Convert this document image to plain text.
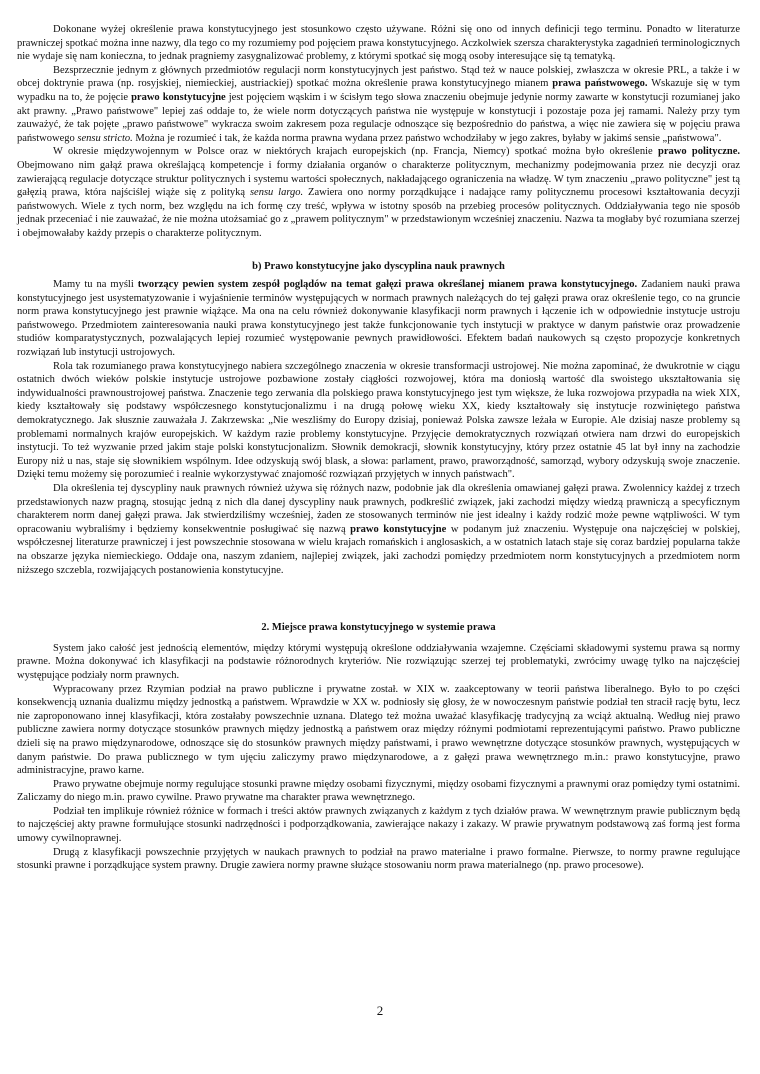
Dokonane wyżej określenie prawa konstytucyjnego jest stosunkowo często używane. Różni się ono od innych definicji tego terminu. Ponadto w literaturze prawniczej spotkać można inne nazwy, dla tego co my rozumiemy pod pojęciem prawa konstytucyjnego. Aczkolwiek szersza charakterystyka zagadnień terminologicznych nie wydaje się nam konieczna, to jednak pragniemy zasygnalizować problemy, z którymi spotkać się mogą osoby interesujące się tą tematyką.

Bezsprzecznie jednym z głównych przedmiotów regulacji norm konstytucyjnych jest państwo. Stąd też w nauce polskiej, zwłaszcza w okresie PRL, a także i w obcej doktrynie prawa (np. rosyjskiej, niemieckiej, austriackiej) spotkać można określenie prawa konstytucyjnego mianem prawa państwowego. Wskazuje się w tym wypadku na to, że pojęcie prawo konstytucyjne jest pojęciem wąskim i w ścisłym tego słowa znaczeniu obejmuje jedynie normy zawarte w konstytucji rozumianej jako akt prawny. „Prawo państwowe" lepiej zaś oddaje to, że wiele norm dotyczących państwa nie występuje w konstytucji i pozostaje poza jej ramami. Należy przy tym zauważyć, że tak pojęte „prawo państwowe" wykracza swoim zakresem poza regulacje odnoszące się bezpośrednio do państwa, a więc nie zawiera się w pojęciu prawa państwowego sensu stricto. Można je rozumieć i tak, że każda norma prawna wydana przez państwo wchodziłaby w jego zakres, byłaby w jakimś sensie „państwowa".

W okresie międzywojennym w Polsce oraz w niektórych krajach europejskich (np. Francja, Niemcy) spotkać można było określenie prawo polityczne. Obejmowano nim gałąź prawa określającą kompetencje i formy działania organów o charakterze politycznym, mechanizmy podejmowania przez nie decyzji oraz zawierającą regulacje dotyczące struktur politycznych i systemu wartości społecznych, nakładającego ograniczenia na władzę. W tym znaczeniu „prawo polityczne" jest tą gałęzią prawa, która najściślej wiąże się z polityką sensu largo. Zawiera ono normy porządkujące i nadające ramy politycznemu procesowi kształtowania decyzji państwowych. Wiele z tych norm, bez względu na ich formę czy treść, wpływa w istotny sposób na przebieg procesów politycznych. Oddziaływania tego nie sposób jednak przeceniać i nie zauważać, że nie można utożsamiać go z „prawem politycznym" w przedstawionym wcześniej znaczeniu. Nazwa ta mogłaby być rozumiana szerzej i obejmowałaby każdy przepis o charakterze politycznym.

b) Prawo konstytucyjne jako dyscyplina nauk prawnych

Mamy tu na myśli tworzący pewien system zespół poglądów na temat gałęzi prawa określanej mianem prawa konstytucyjnego. Zadaniem nauki prawa konstytucyjnego jest usystematyzowanie i wyjaśnienie terminów występujących w normach prawnych należących do tej gałęzi prawa oraz określenie tego, co na gruncie norm prawa konstytucyjnego jest prawnie wiążące. Ma ona na celu również dokonywanie klasyfikacji norm prawnych i łączenie ich w odpowiednie instytucje ustroju państwowego. Przedmiotem zainteresowania nauki prawa konstytucyjnego jest także funkcjonowanie tych instytucji w praktyce w danym państwie oraz prowadzenie studiów komparatystycznych, pozwalających lepiej rozumieć występowanie pewnych prawidłowości. Efektem badań naukowych są często propozycje konkretnych rozwiązań lub instytucji ustrojowych.

Rola tak rozumianego prawa konstytucyjnego nabiera szczególnego znaczenia w okresie transformacji ustrojowej. Nie można zapominać, że dwukrotnie w ciągu ostatnich dwóch wieków polskie instytucje ustrojowe pozbawione zostały ciągłości rozwojowej, która ma doniosłą wartość dla swoistego ukształtowania się indywidualności prawnoustrojowej państwa. Znaczenie tego zerwania dla polskiego prawa konstytucyjnego jest tym większe, że luka rozwojowa przypadła na wiek XIX, kiedy kształtowały się podstawy współczesnego konstytucjonalizmu i na drugą połowę wieku XX, kiedy kształtowały się instytucje rozwiniętego państwa demokratycznego. Jak słusznie zauważała J. Zakrzewska: „Nie weszliśmy do Europy dzisiaj, ponieważ Polska zawsze leżała w Europie. Ale dzisiaj nasze problemy są problemami normalnych krajów europejskich. W każdym razie problemy konstytucyjne. Przyjęcie demokratycznych rozwiązań otwiera nam drzwi do europejskich instytucji. To też wyzwanie przed jakim staje polski konstytucjonalizm. Słownik demokracji, słownik konstytucyjny, który przez ostatnie 45 lat był inny na zachodzie Europy niż u nas, staje się słownikiem wspólnym. Idee odzyskują swój blask, a słowa: parlament, prawo, praworządność, samorząd, wybory odzyskują swoje znaczenie. Dzięki temu możemy się porozumieć i realnie wykorzystywać znajomość rozwiązań przyjętych w innych państwach".

Dla określenia tej dyscypliny nauk prawnych również używa się różnych nazw, podobnie jak dla określenia omawianej gałęzi prawa. Zwolennicy każdej z trzech przedstawionych nazw pragną, stosując jedną z nich dla danej dyscypliny nauk prawnych, podkreślić związek, jaki zachodzi między wiedzą prawniczą a specyficznym charakterem norm danej gałęzi prawa. Jak stwierdziliśmy wcześniej, żaden ze stosowanych terminów nie jest idealny i każdy rodzić może pewne wątpliwości. W tym opracowaniu wybraliśmy i będziemy konsekwentnie posługiwać się nazwą prawo konstytucyjne w podanym już znaczeniu. Występuje ona najczęściej w polskiej, współczesnej literaturze prawniczej i jest powszechnie stosowana w wielu krajach romańskich i anglosaskich, a w ostatnich latach staje się coraz bardziej popularna także na obszarze języka niemieckiego. Oddaje ona, naszym zdaniem, najlepiej związek, jaki zachodzi pomiędzy przedmiotem norm konstytucyjnych a przedmiotem norm niższego szczebla, rozwijających postanowienia konstytucyjne.

2. Miejsce prawa konstytucyjnego w systemie prawa

System jako całość jest jednością elementów, między którymi występują określone oddziaływania wzajemne. Częściami składowymi systemu prawa są normy prawne. Można dokonywać ich klasyfikacji na podstawie różnorodnych kryteriów. Nie rozwiązując szerzej tej problematyki, zwrócimy uwagę tylko na najczęściej występujące podziały norm prawnych.

Wypracowany przez Rzymian podział na prawo publiczne i prywatne został. w XIX w. zaakceptowany w teorii państwa liberalnego. Było to po części konsekwencją uznania dualizmu między jednostką a państwem. Wprawdzie w XX w. podniosły się głosy, że w nowoczesnym państwie podział ten stracił rację bytu, lecz nie zaproponowano innej klasyfikacji, która zostałaby powszechnie uznana. Dlatego też można uważać klasyfikację tradycyjną za wciąż aktualną. Według niej prawo publiczne zawiera normy dotyczące stosunków prawnych między jednostką a państwem oraz między różnymi podmiotami reprezentującymi państwo. Prawo publiczne dzieli się na prawo międzynarodowe, odnoszące się do stosunków prawnych między państwami, i prawo wewnętrzne dotyczące stosunków prawnych, występujących w danym państwie. Do prawa publicznego w tym ujęciu zaliczymy prawo międzynarodowe, a z gałęzi prawa wewnętrznego m.in.: prawo konstytucyjne, prawo administracyjne, prawo karne.

Prawo prywatne obejmuje normy regulujące stosunki prawne między osobami fizycznymi, między osobami fizycznymi a prawnymi oraz pomiędzy tymi ostatnimi. Zaliczamy do niego m.in. prawo cywilne. Prawo prywatne ma charakter prawa wewnętrznego.

Podział ten implikuje również różnice w formach i treści aktów prawnych związanych z każdym z tych działów prawa. W wewnętrznym prawie publicznym będą to najczęściej akty prawne formułujące stosunki nadrzędności i podporządkowania, zawierające nakazy i zakazy. W prawie prywatnym podstawową zaś formą jest forma umowy cywilnoprawnej.

Drugą z klasyfikacji powszechnie przyjętych w naukach prawnych to podział na prawo materialne i prawo formalne. Pierwsze, to normy prawne regulujące stosunki prawne i porządkujące system prawny. Drugie zawiera normy prawne służące stosowaniu norm prawa materialnego (np. prawo procesowe).

2
